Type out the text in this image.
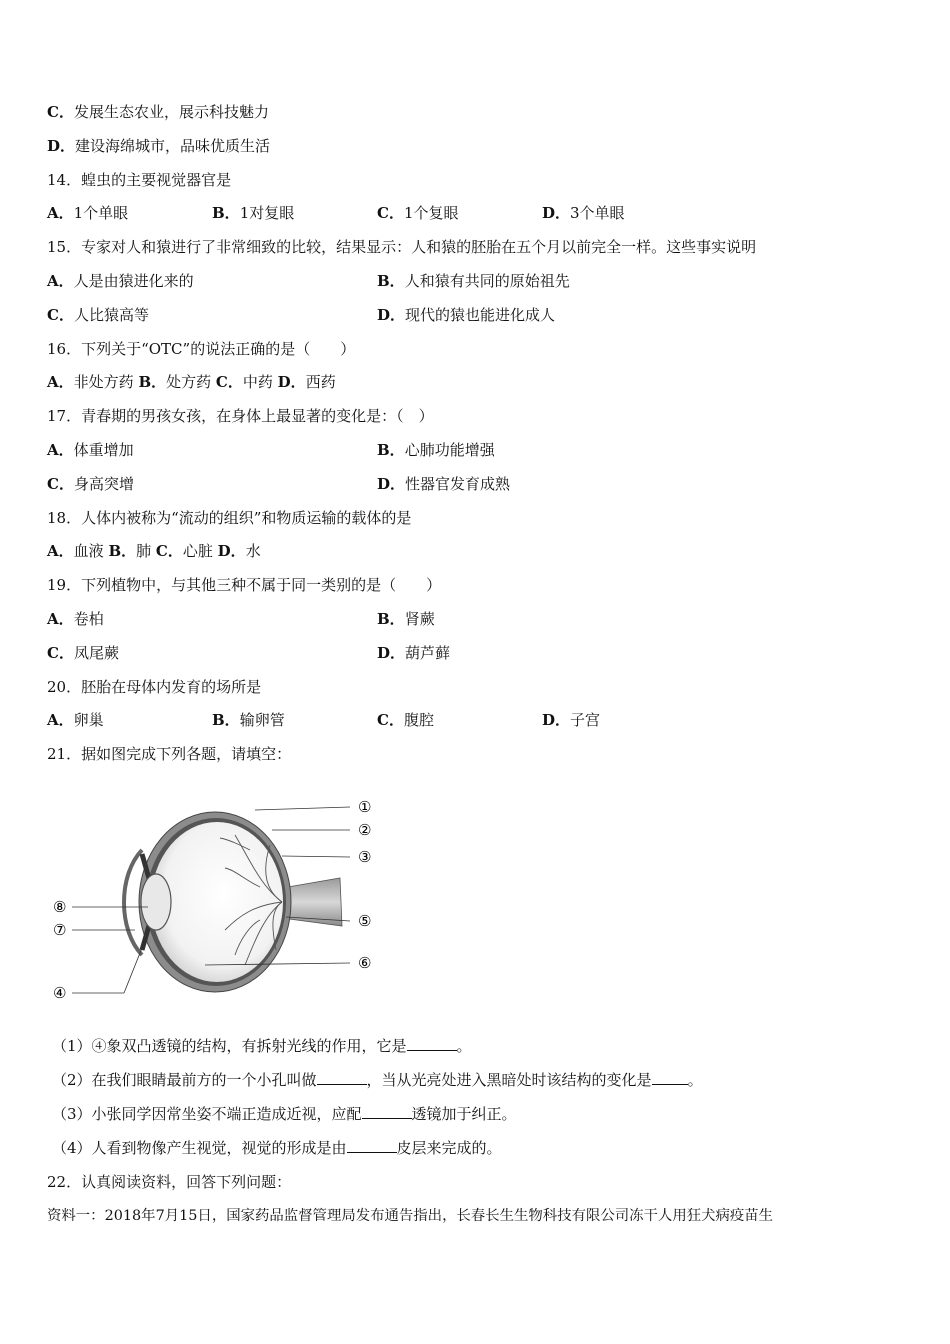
C．发展生态农业，展示科技魅力
D．建设海绵城市，品味优质生活
14．蝗虫的主要视觉器官是
A．1个单眼	B．1对复眼	C．1个复眼	D．3个单眼
15．专家对人和猿进行了非常细致的比较，结果显示：人和猿的胚胎在五个月以前完全一样。这些事实说明
A．人是由猿进化来的	B．人和猿有共同的原始祖先
C．人比猿高等	D．现代的猿也能进化成人
16．下列关于“OTC”的说法正确的是（　　）
A．非处方药 B．处方药 C．中药 D．西药
17．青春期的男孩女孩，在身体上最显著的变化是：（　）
A．体重增加	B．心肺功能增强
C．身高突增	D．性器官发育成熟
18．人体内被称为“流动的组织”和物质运输的载体的是
A．血液 B．肺 C．心脏 D．水
19．下列植物中，与其他三种不属于同一类别的是（　　）
A．卷柏	B．肾蕨
C．凤尾蕨	D．葫芦藓
20．胚胎在母体内发育的场所是
A．卵巢	B．输卵管	C．腹腔	D．子宫
21．据如图完成下列各题，请填空：
①
②
③
④
⑤
⑥
⑦
⑧
（1）④象双凸透镜的结构，有拆射光线的作用，它是	。
（2）在我们眼睛最前方的一个小孔叫做	，当从光亮处进入黑暗处时该结构的变化是 。
（3）小张同学因常坐姿不端正造成近视，应配	透镜加于纠正。
（4）人看到物像产生视觉，视觉的形成是由	皮层来完成的。
22．认真阅读资料，回答下列问题：
资料一：2018年7月15日，国家药品监督管理局发布通告指出，长春长生生物科技有限公司冻干人用狂犬病疫苗生
